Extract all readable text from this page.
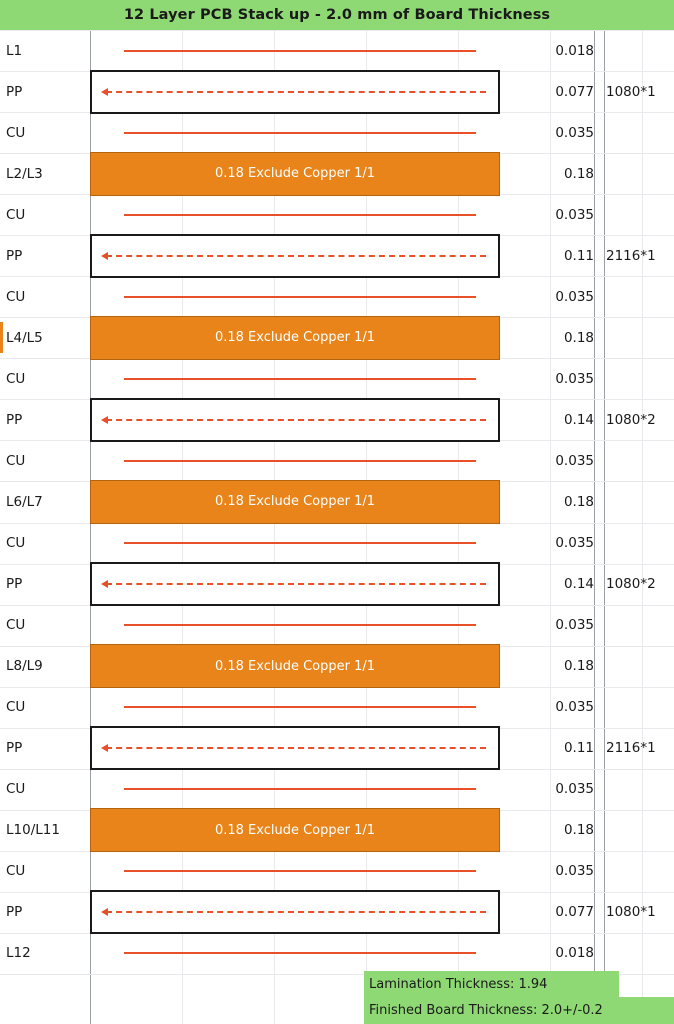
12 Layer PCB Stack up - 2.0 mm of Board Thickness
L1	0.018
PP	0.077 1080*1
CU	0.035
L2/L3	0.18 Exclude Copper 1/1	0.18
CU	0.035
PP	0.11 2116*1
CU	0.035
L4/L5	0.18 Exclude Copper 1/1	0.18
CU	0.035
PP	0.14 1080*2
CU	0.035
L6/L7	0.18 Exclude Copper 1/1	0.18
CU	0.035
PP	0.14 1080*2
CU	0.035
L8/L9	0.18 Exclude Copper 1/1	0.18
CU	0.035
PP	0.11 2116*1
CU	0.035
L10/L11	0.18 Exclude Copper 1/1	0.18
CU	0.035
PP	0.077 1080*1
L12	0.018
Lamination Thickness: 1.94
Finished Board Thickness: 2.0+/-0.2
